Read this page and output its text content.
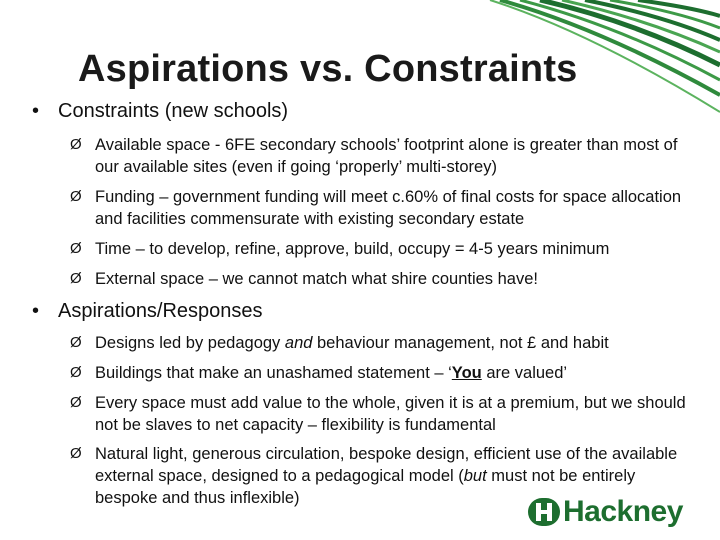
Aspirations vs. Constraints
• Constraints (new schools)
Ø Available space - 6FE secondary schools’ footprint alone is greater than most of our available sites (even if going ‘properly’ multi-storey)
Ø Funding – government funding will meet c.60% of final costs for space allocation and facilities commensurate with existing secondary estate
Ø Time – to develop, refine, approve, build, occupy = 4-5 years minimum
Ø External space – we cannot match what shire counties have!
• Aspirations/Responses
Ø Designs led by pedagogy and behaviour management, not £ and habit
Ø Buildings that make an unashamed statement – ‘You are valued’
Ø Every space must add value to the whole, given it is at a premium, but we should not be slaves to net capacity – flexibility is fundamental
Ø Natural light, generous circulation, bespoke design, efficient use of the available external space, designed to a pedagogical model (but must not be entirely bespoke and thus inflexible)	Hackney
